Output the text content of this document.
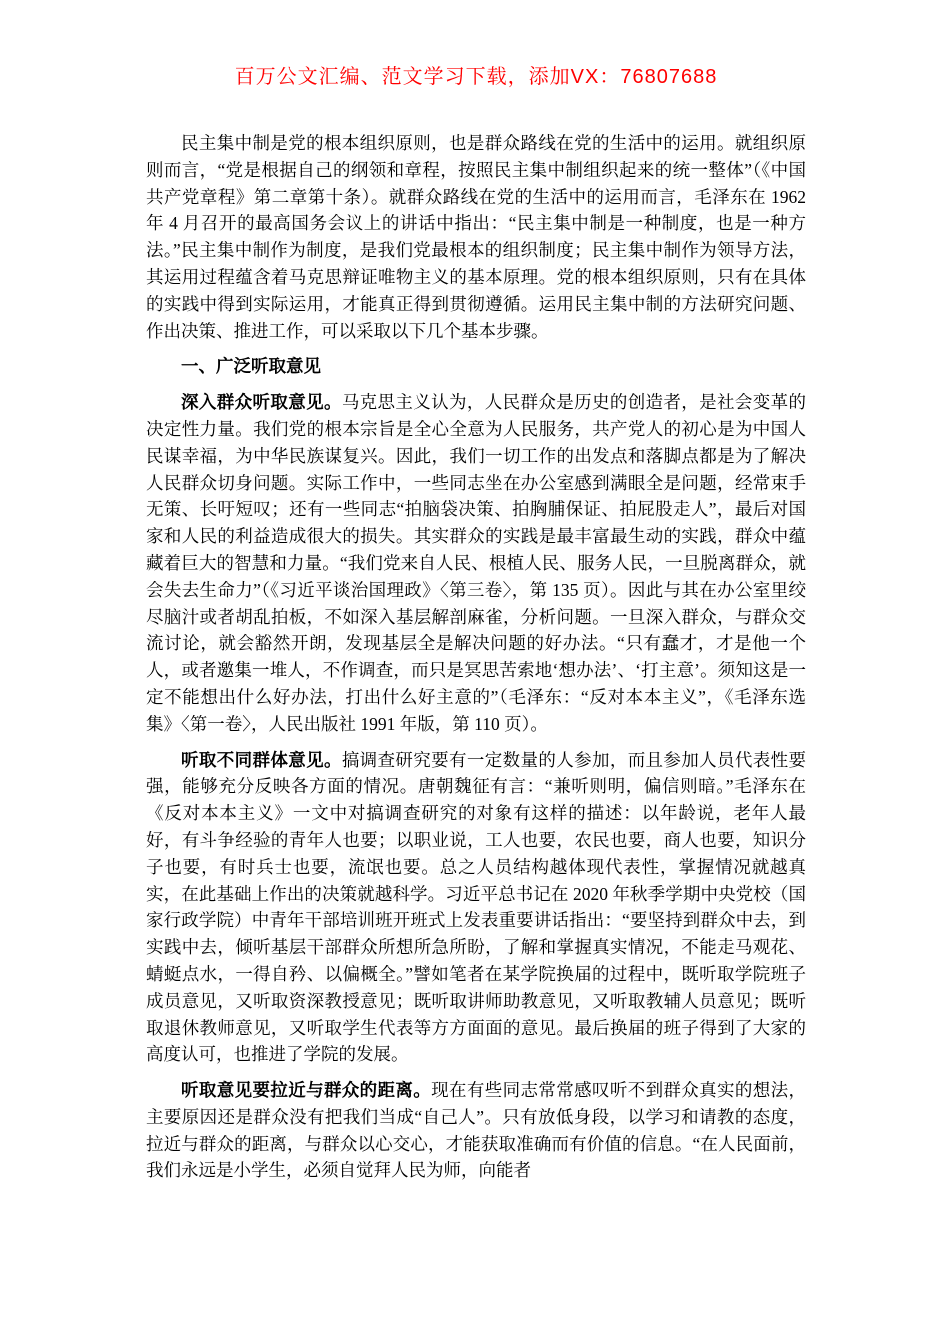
百万公文汇编、范文学习下载，添加VX：76807688

民主集中制是党的根本组织原则，也是群众路线在党的生活中的运用。就组织原则而言，“党是根据自己的纲领和章程，按照民主集中制组织起来的统一整体”（《中国共产党章程》第二章第十条）。就群众路线在党的生活中的运用而言，毛泽东在 1962 年 4 月召开的最高国务会议上的讲话中指出：“民主集中制是一种制度，也是一种方法。”民主集中制作为制度，是我们党最根本的组织制度；民主集中制作为领导方法，其运用过程蕴含着马克思辩证唯物主义的基本原理。党的根本组织原则，只有在具体的实践中得到实际运用，才能真正得到贯彻遵循。运用民主集中制的方法研究问题、作出决策、推进工作，可以采取以下几个基本步骤。

一、广泛听取意见

深入群众听取意见。马克思主义认为，人民群众是历史的创造者，是社会变革的决定性力量。我们党的根本宗旨是全心全意为人民服务，共产党人的初心是为中国人民谋幸福，为中华民族谋复兴。因此，我们一切工作的出发点和落脚点都是为了解决人民群众切身问题。实际工作中，一些同志坐在办公室感到满眼全是问题，经常束手无策、长吁短叹；还有一些同志“拍脑袋决策、拍胸脯保证、拍屁股走人”，最后对国家和人民的利益造成很大的损失。其实群众的实践是最丰富最生动的实践，群众中蕴藏着巨大的智慧和力量。“我们党来自人民、根植人民、服务人民，一旦脱离群众，就会失去生命力”（《习近平谈治国理政》〈第三卷〉，第 135 页）。因此与其在办公室里绞尽脑汁或者胡乱拍板，不如深入基层解剖麻雀，分析问题。一旦深入群众，与群众交流讨论，就会豁然开朗，发现基层全是解决问题的好办法。“只有蠢才，才是他一个人，或者邀集一堆人，不作调查，而只是冥思苦索地‘想办法’、‘打主意’。须知这是一定不能想出什么好办法，打出什么好主意的”（毛泽东：“反对本本主义”，《毛泽东选集》〈第一卷〉，人民出版社 1991 年版，第 110 页）。

听取不同群体意见。搞调查研究要有一定数量的人参加，而且参加人员代表性要强，能够充分反映各方面的情况。唐朝魏征有言：“兼听则明，偏信则暗。”毛泽东在《反对本本主义》一文中对搞调查研究的对象有这样的描述：以年龄说，老年人最好，有斗争经验的青年人也要；以职业说，工人也要，农民也要，商人也要，知识分子也要，有时兵士也要，流氓也要。总之人员结构越体现代表性，掌握情况就越真实，在此基础上作出的决策就越科学。习近平总书记在 2020 年秋季学期中央党校（国家行政学院）中青年干部培训班开班式上发表重要讲话指出：“要坚持到群众中去，到实践中去，倾听基层干部群众所想所急所盼，了解和掌握真实情况，不能走马观花、蜻蜓点水，一得自矜、以偏概全。”譬如笔者在某学院换届的过程中，既听取学院班子成员意见，又听取资深教授意见；既听取讲师助教意见，又听取教辅人员意见；既听取退休教师意见，又听取学生代表等方方面面的意见。最后换届的班子得到了大家的高度认可，也推进了学院的发展。

听取意见要拉近与群众的距离。现在有些同志常常感叹听不到群众真实的想法，主要原因还是群众没有把我们当成“自己人”。只有放低身段，以学习和请教的态度，拉近与群众的距离，与群众以心交心，才能获取准确而有价值的信息。“在人民面前，我们永远是小学生，必须自觉拜人民为师，向能者
